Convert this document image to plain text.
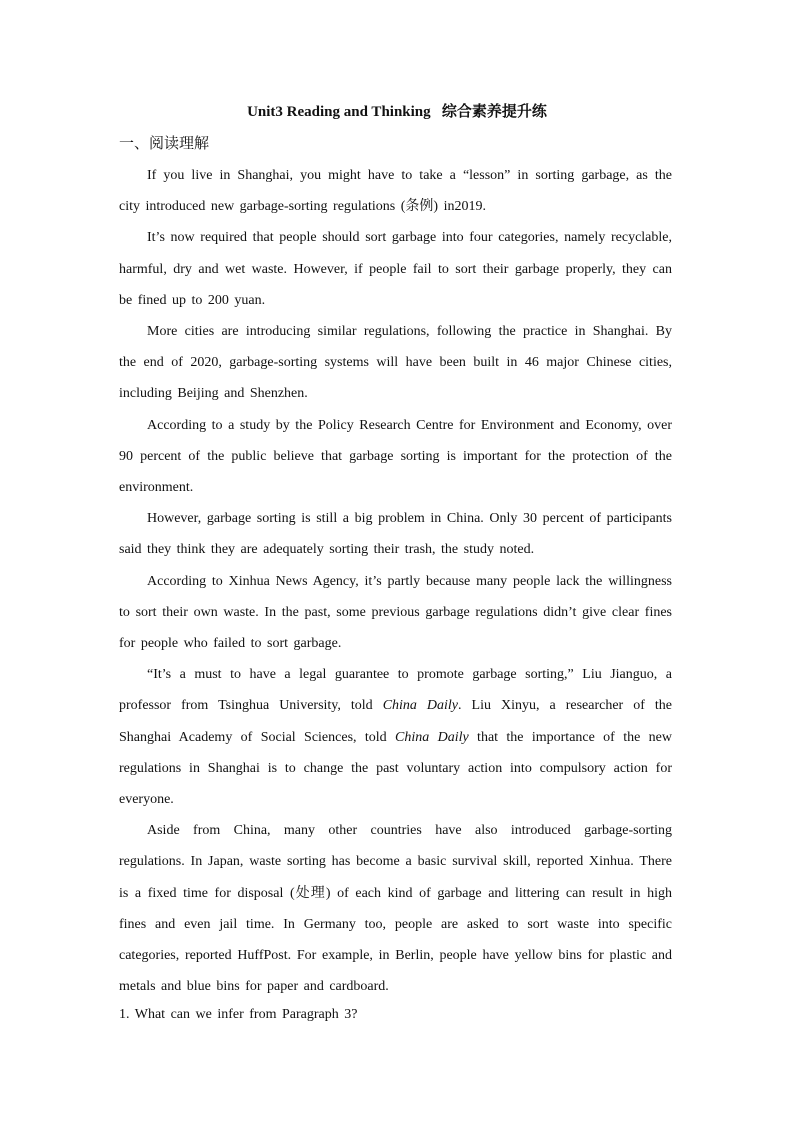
Unit3 Reading and Thinking   综合素养提升练
一、阅读理解

If you live in Shanghai, you might have to take a “lesson” in sorting garbage, as the city introduced new garbage-sorting regulations (条例) in2019.

It’s now required that people should sort garbage into four categories, namely recyclable, harmful, dry and wet waste. However, if people fail to sort their garbage properly, they can be fined up to 200 yuan.

More cities are introducing similar regulations, following the practice in Shanghai. By the end of 2020, garbage-sorting systems will have been built in 46 major Chinese cities, including Beijing and Shenzhen.

According to a study by the Policy Research Centre for Environment and Economy, over 90 percent of the public believe that garbage sorting is important for the protection of the environment.

However, garbage sorting is still a big problem in China. Only 30 percent of participants said they think they are adequately sorting their trash, the study noted.

According to Xinhua News Agency, it’s partly because many people lack the willingness to sort their own waste. In the past, some previous garbage regulations didn’t give clear fines for people who failed to sort garbage.

“It’s a must to have a legal guarantee to promote garbage sorting,” Liu Jianguo, a professor from Tsinghua University, told China Daily. Liu Xinyu, a researcher of the Shanghai Academy of Social Sciences, told China Daily that the importance of the new regulations in Shanghai is to change the past voluntary action into compulsory action for everyone.

Aside from China, many other countries have also introduced garbage-sorting regulations. In Japan, waste sorting has become a basic survival skill, reported Xinhua. There is a fixed time for disposal (处理) of each kind of garbage and littering can result in high fines and even jail time. In Germany too, people are asked to sort waste into specific categories, reported HuffPost. For example, in Berlin, people have yellow bins for plastic and metals and blue bins for paper and cardboard.

1. What can we infer from Paragraph 3?
